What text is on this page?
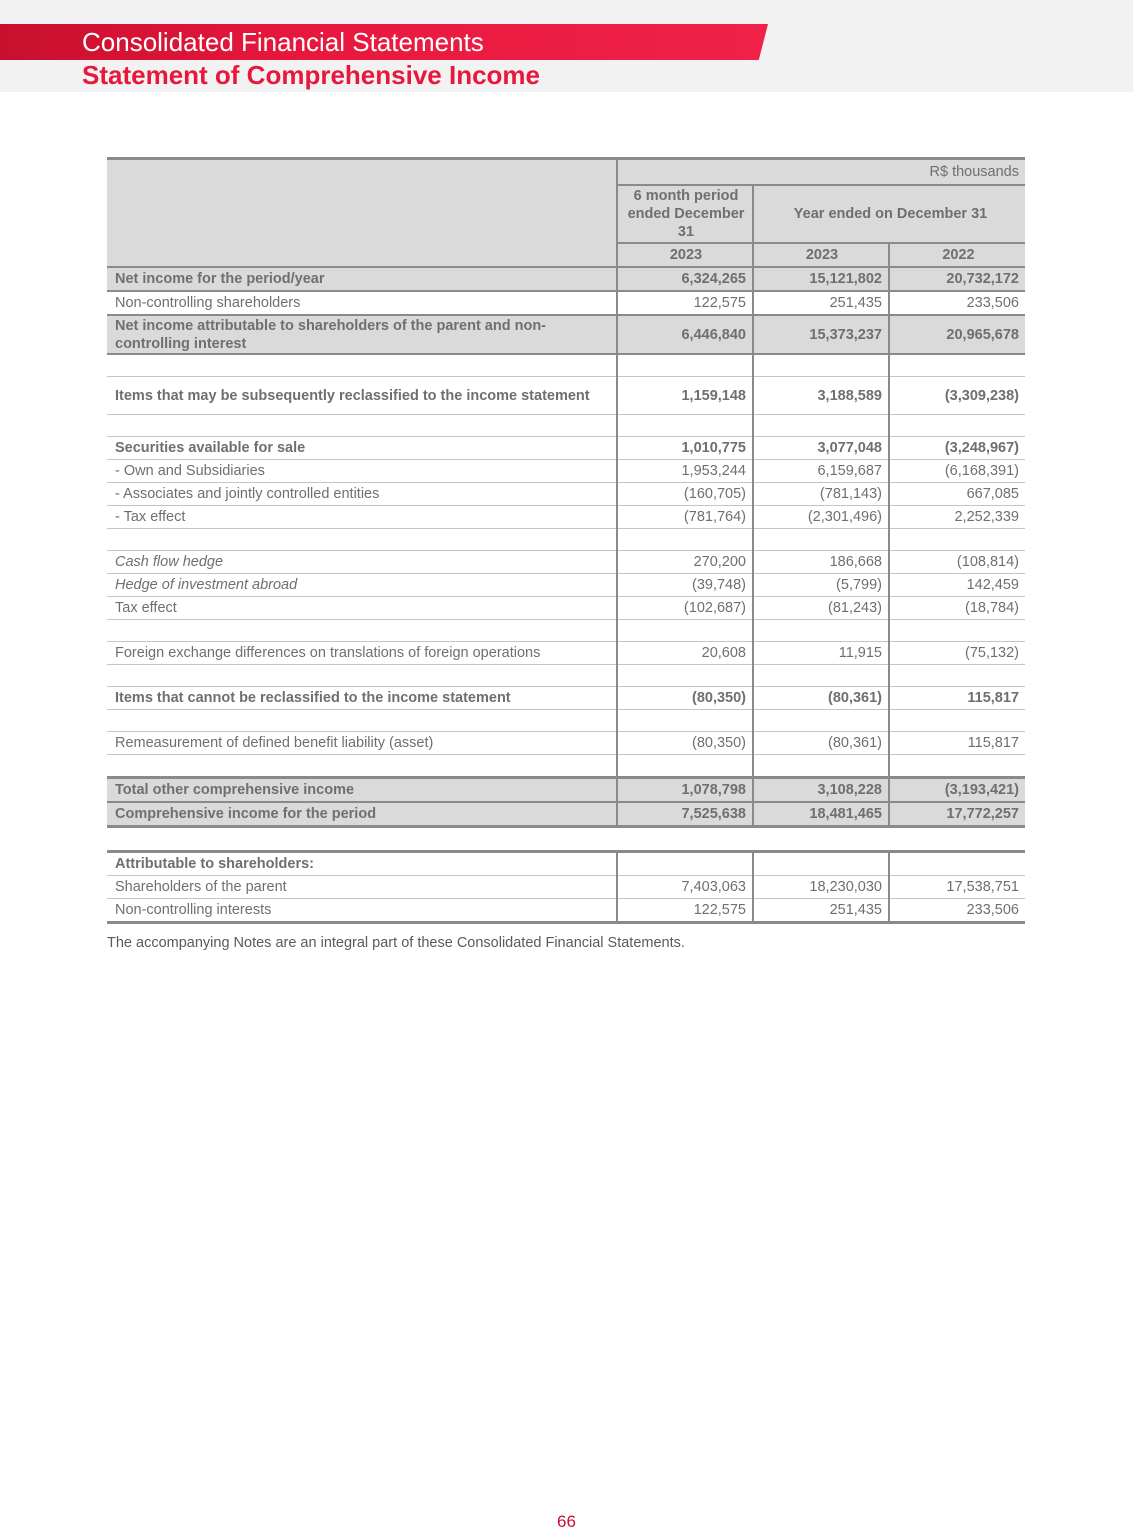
Consolidated Financial Statements
Statement of Comprehensive Income
	R$ thousands		
	6 month period ended December 31	Year ended on December 31	
	2023	2023	2022
Net income for the period/year	6,324,265	15,121,802	20,732,172
Non-controlling shareholders	122,575	251,435	233,506
Net income attributable to shareholders of the parent and non-controlling interest	6,446,840	15,373,237	20,965,678

Items that may be subsequently reclassified to the income statement	1,159,148	3,188,589	(3,309,238)

Securities available for sale	1,010,775	3,077,048	(3,248,967)
- Own and Subsidiaries	1,953,244	6,159,687	(6,168,391)
- Associates and jointly controlled entities	(160,705)	(781,143)	667,085
- Tax effect	(781,764)	(2,301,496)	2,252,339

Cash flow hedge	270,200	186,668	(108,814)
Hedge of investment abroad	(39,748)	(5,799)	142,459
Tax effect	(102,687)	(81,243)	(18,784)

Foreign exchange differences on translations of foreign operations	20,608	11,915	(75,132)

Items that cannot be reclassified to the income statement	(80,350)	(80,361)	115,817

Remeasurement of defined benefit liability (asset)	(80,350)	(80,361)	115,817

Total other comprehensive income	1,078,798	3,108,228	(3,193,421)
Comprehensive income for the period	7,525,638	18,481,465	17,772,257

Attributable to shareholders:			
Shareholders of the parent	7,403,063	18,230,030	17,538,751
Non-controlling interests	122,575	251,435	233,506
The accompanying Notes are an integral part of these Consolidated Financial Statements.
66
